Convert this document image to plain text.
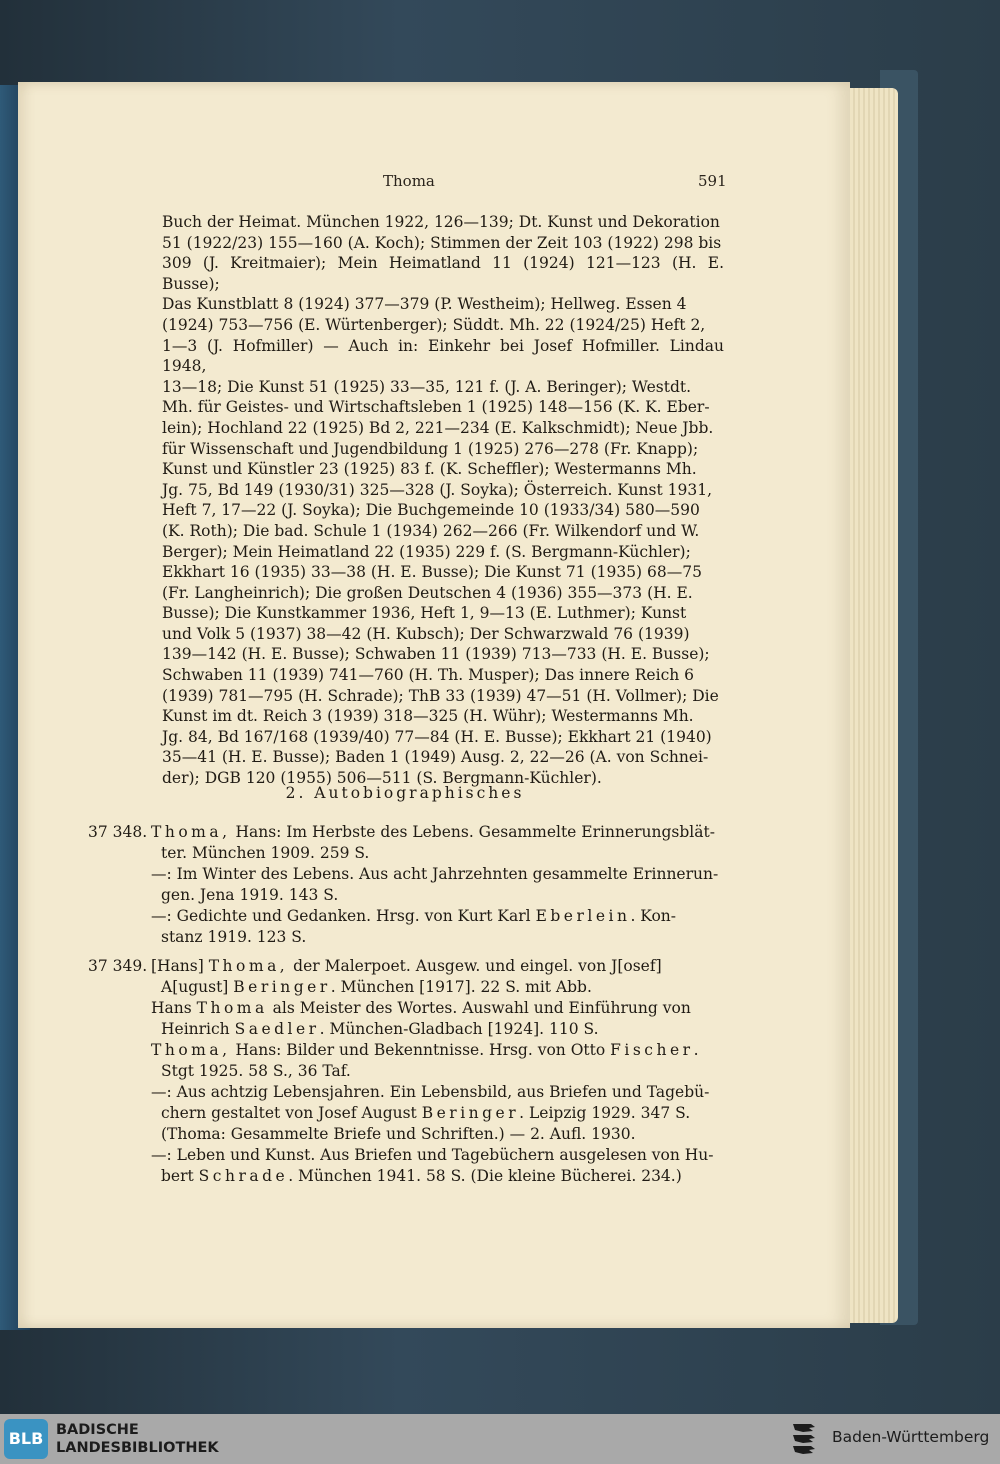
Thoma	591

Buch der Heimat. München 1922, 126—139; Dt. Kunst und Dekoration

51 (1922/23) 155—160 (A. Koch); Stimmen der Zeit 103 (1922) 298 bis

309 (J. Kreitmaier); Mein Heimatland 11 (1924) 121—123 (H. E. Busse);

Das Kunstblatt 8 (1924) 377—379 (P. Westheim); Hellweg. Essen 4

(1924) 753—756 (E. Würtenberger); Süddt. Mh. 22 (1924/25) Heft 2,

1—3 (J. Hofmiller) — Auch in: Einkehr bei Josef Hofmiller. Lindau 1948,

13—18; Die Kunst 51 (1925) 33—35, 121 f. (J. A. Beringer); Westdt.

Mh. für Geistes- und Wirtschaftsleben 1 (1925) 148—156 (K. K. Eber-

lein); Hochland 22 (1925) Bd 2, 221—234 (E. Kalkschmidt); Neue Jbb.

für Wissenschaft und Jugendbildung 1 (1925) 276—278 (Fr. Knapp);

Kunst und Künstler 23 (1925) 83 f. (K. Scheffler); Westermanns Mh.

Jg. 75, Bd 149 (1930/31) 325—328 (J. Soyka); Österreich. Kunst 1931,

Heft 7, 17—22 (J. Soyka); Die Buchgemeinde 10 (1933/34) 580—590

(K. Roth); Die bad. Schule 1 (1934) 262—266 (Fr. Wilkendorf und W.

Berger); Mein Heimatland 22 (1935) 229 f. (S. Bergmann-Küchler);

Ekkhart 16 (1935) 33—38 (H. E. Busse); Die Kunst 71 (1935) 68—75

(Fr. Langheinrich); Die großen Deutschen 4 (1936) 355—373 (H. E.

Busse); Die Kunstkammer 1936, Heft 1, 9—13 (E. Luthmer); Kunst

und Volk 5 (1937) 38—42 (H. Kubsch); Der Schwarzwald 76 (1939)

139—142 (H. E. Busse); Schwaben 11 (1939) 713—733 (H. E. Busse);

Schwaben 11 (1939) 741—760 (H. Th. Musper); Das innere Reich 6

(1939) 781—795 (H. Schrade); ThB 33 (1939) 47—51 (H. Vollmer); Die

Kunst im dt. Reich 3 (1939) 318—325 (H. Wühr); Westermanns Mh.

Jg. 84, Bd 167/168 (1939/40) 77—84 (H. E. Busse); Ekkhart 21 (1940)

35—41 (H. E. Busse); Baden 1 (1949) Ausg. 2, 22—26 (A. von Schnei-

der); DGB 120 (1955) 506—511 (S. Bergmann-Küchler).

2. Autobiographisches
37 348. Thoma, Hans: Im Herbste des Lebens. Gesammelte Erinnerungsblät-

ter. München 1909. 259 S.

—: Im Winter des Lebens. Aus acht Jahrzehnten gesammelte Erinnerun-

gen. Jena 1919. 143 S.

—: Gedichte und Gedanken. Hrsg. von Kurt Karl Eberlein. Kon-

stanz 1919. 123 S.

37 349. [Hans] Thoma, der Malerpoet. Ausgew. und eingel. von J[osef]

A[ugust] Beringer. München [1917]. 22 S. mit Abb.

Hans Thoma als Meister des Wortes. Auswahl und Einführung von

Heinrich Saedler. München-Gladbach [1924]. 110 S.

Thoma, Hans: Bilder und Bekenntnisse. Hrsg. von Otto Fischer.

Stgt 1925. 58 S., 36 Taf.

—: Aus achtzig Lebensjahren. Ein Lebensbild, aus Briefen und Tagebü-

chern gestaltet von Josef August Beringer. Leipzig 1929. 347 S.

(Thoma: Gesammelte Briefe und Schriften.) — 2. Aufl. 1930.

—: Leben und Kunst. Aus Briefen und Tagebüchern ausgelesen von Hu-

bert Schrade. München 1941. 58 S. (Die kleine Bücherei. 234.)

BLB BADISCHE
LANDESBIBLIOTHEK
Baden-Württemberg
